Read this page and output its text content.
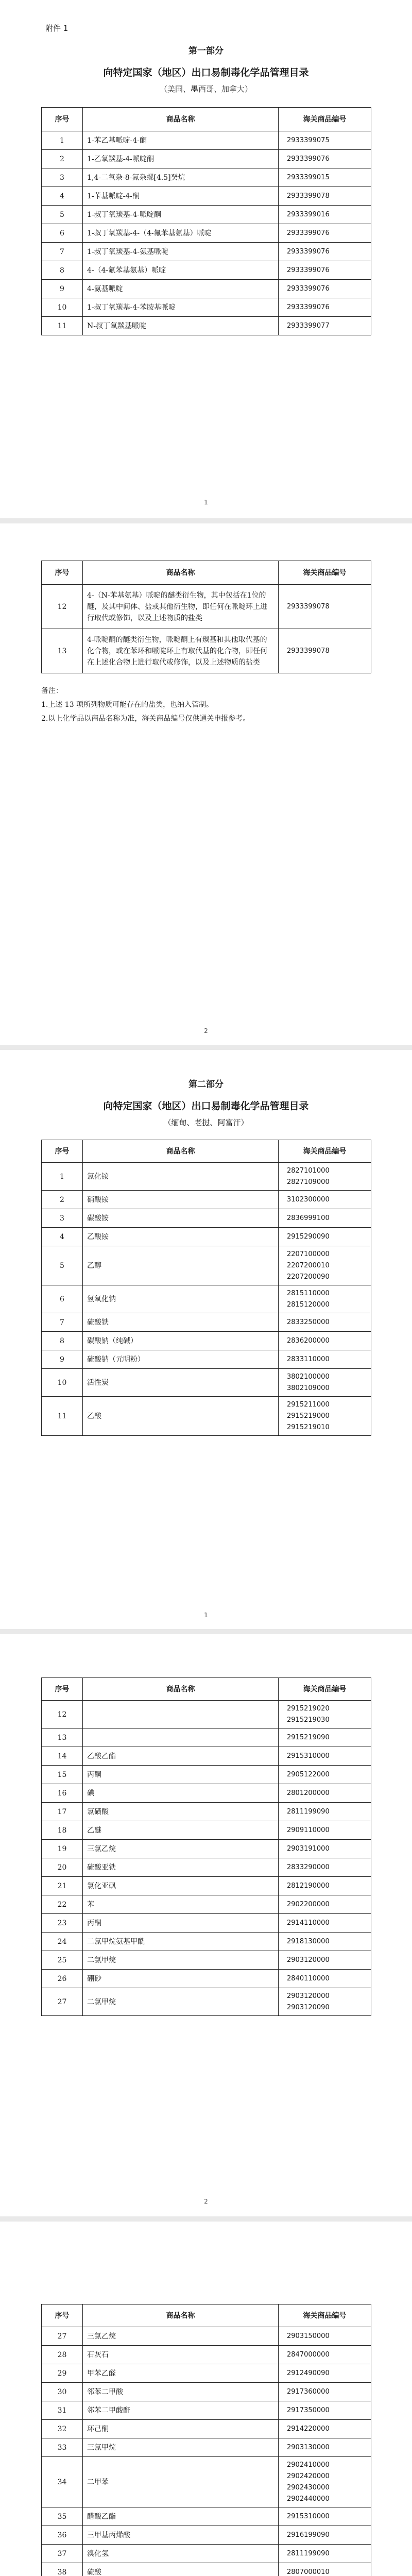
附件 1
第一部分
向特定国家（地区）出口易制毒化学品管理目录
（美国、墨西哥、加拿大）
序号	商品名称	海关商品编号
1	1-苯乙基哌啶-4-酮	2933399075

2	1-乙氧羰基-4-哌啶酮	2933399076

3	1,4-二氧杂-8-氮杂螺[4.5]癸烷	2933399015

4	1-苄基哌啶-4-酮	2933399078

5	1-叔丁氧羰基-4-哌啶酮	2933399016

6	1-叔丁氧羰基-4-（4-氟苯基氨基）哌啶	2933399076

7	1-叔丁氧羰基-4-氨基哌啶	2933399076

8	4-（4-氟苯基氨基）哌啶	2933399076

9	4-氨基哌啶	2933399076

10	1-叔丁氧羰基-4-苯胺基哌啶	2933399076

11	N-叔丁氧羰基哌啶	2933399077
1
序号	商品名称	海关商品编号
12	4-（N-苯基氨基）哌啶的醚类衍生物，其中包括在1位的醚，及其中间体、盐或其他衍生物，即任何在哌啶环上进行取代或修饰，以及上述物质的盐类	2933399078

13	4-哌啶酮的醚类衍生物，哌啶酮上有羰基和其他取代基的化合物，或在苯环和哌啶环上有取代基的化合物，即任何在上述化合物上进行取代或修饰，以及上述物质的盐类	2933399078

备注：

1.上述 13 项所列物质可能存在的盐类，也纳入管制。

2.以上化学品以商品名称为准，海关商品编号仅供通关申报参考。

2
第二部分
向特定国家（地区）出口易制毒化学品管理目录
（缅甸、老挝、阿富汗）
序号	商品名称	海关商品编号
1	氯化铵	2827101000
2827109000

2	硝酸铵	3102300000

3	碳酸铵	2836999100

4	乙酸铵	2915290090

5	乙醇	2207100000
2207200010
2207200090

6	氢氧化钠	2815110000
2815120000

7	硫酸铁	2833250000

8	碳酸钠（纯碱）	2836200000

9	硫酸钠（元明粉）	2833110000

10	活性炭	3802100000
3802109000

11	乙酸	2915211000
2915219000
2915219010
1
序号	商品名称	海关商品编号
12		2915219020
2915219030

13		2915219090

14	乙酸乙酯	2915310000

15	丙酮	2905122000

16	碘	2801200000

17	氯磺酸	2811199090

18	乙醚	2909110000

19	三氯乙烷	2903191000

20	硫酸亚铁	2833290000

21	氯化亚砜	2812190000

22	苯	2902200000

23	丙酮	2914110000

24	二氯甲烷氨基甲酰	2918130000

25	二氯甲烷	2903120000

26	硼砂	2840110000

27	二氯甲烷	2903120000
2903120090
2
序号	商品名称	海关商品编号
27	三氯乙烷	2903150000

28	石灰石	2847000000

29	甲苯乙醛	2912490090

30	邻苯二甲酸	2917360000

31	邻苯二甲酸酐	2917350000

32	环己酮	2914220000

33	三氯甲烷	2903130000

34	二甲苯	2902410000
2902420000
2902430000
2902440000

35	醋酸乙酯	2915310000

36	三甲基丙烯酸	2916199090

37	溴化氢	2811199090

38	硫酸	2807000010
